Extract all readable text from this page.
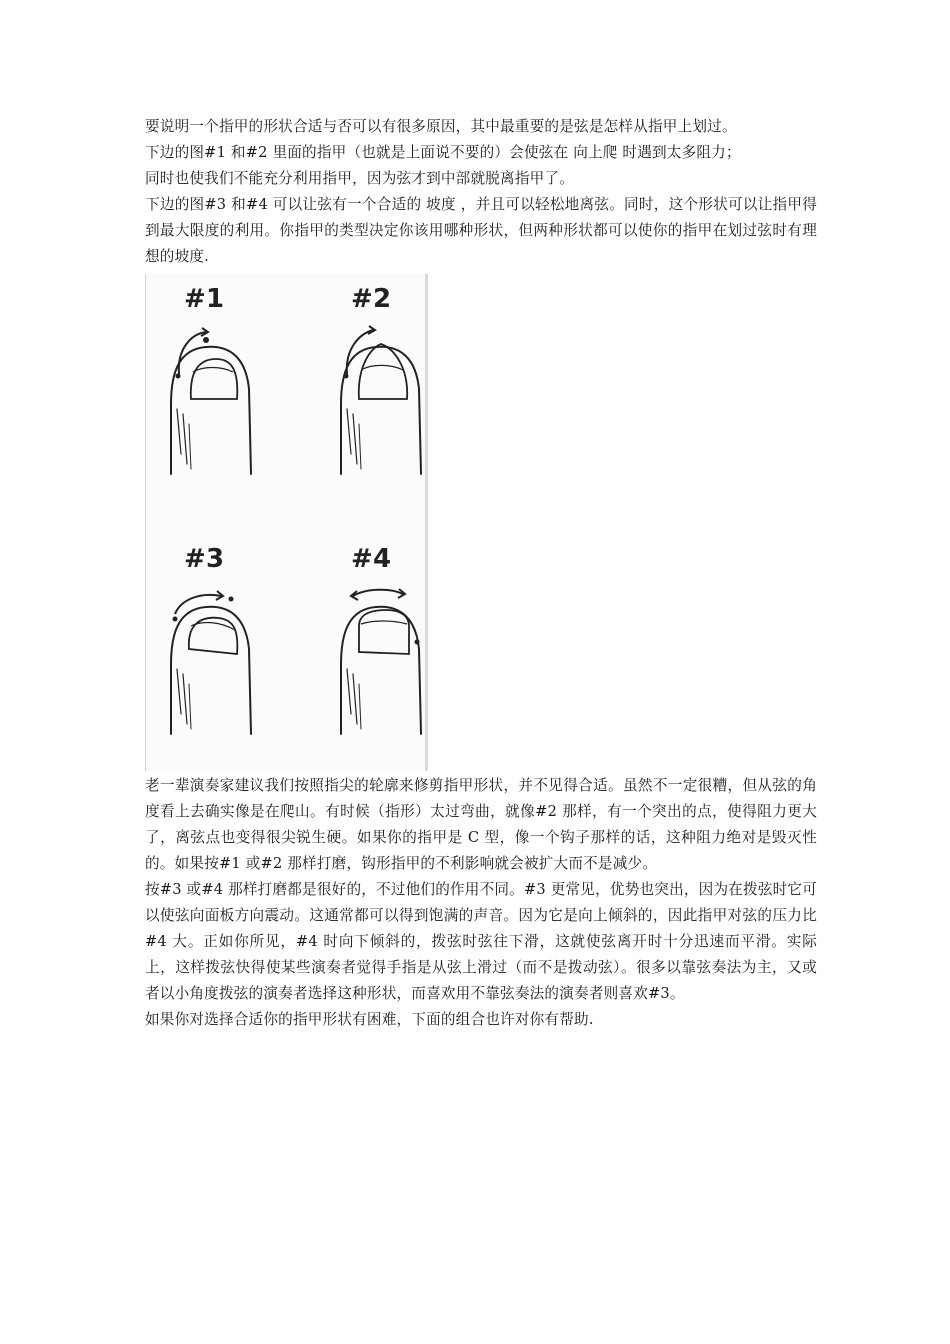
要说明一个指甲的形状合适与否可以有很多原因，其中最重要的是弦是怎样从指甲上划过。

下边的图#1 和#2 里面的指甲（也就是上面说不要的）会使弦在 向上爬 时遇到太多阻力；

同时也使我们不能充分利用指甲，因为弦才到中部就脱离指甲了。

下边的图#3 和#4 可以让弦有一个合适的 坡度 ，并且可以轻松地离弦。同时，这个形状可以让指甲得到最大限度的利用。你指甲的类型决定你该用哪种形状，但两种形状都可以使你的指甲在划过弦时有理想的坡度.

#1	#2
#3	#4

老一辈演奏家建议我们按照指尖的轮廓来修剪指甲形状，并不见得合适。虽然不一定很糟，但从弦的角度看上去确实像是在爬山。有时候（指形）太过弯曲，就像#2 那样，有一个突出的点，使得阻力更大了，离弦点也变得很尖锐生硬。如果你的指甲是 C 型，像一个钩子那样的话，这种阻力绝对是毁灭性的。如果按#1 或#2 那样打磨，钩形指甲的不利影响就会被扩大而不是减少。

按#3 或#4 那样打磨都是很好的，不过他们的作用不同。#3 更常见，优势也突出，因为在拨弦时它可以使弦向面板方向震动。这通常都可以得到饱满的声音。因为它是向上倾斜的，因此指甲对弦的压力比#4 大。正如你所见，#4 时向下倾斜的，拨弦时弦往下滑，这就使弦离开时十分迅速而平滑。实际上，这样拨弦快得使某些演奏者觉得手指是从弦上滑过（而不是拨动弦）。很多以靠弦奏法为主，又或者以小角度拨弦的演奏者选择这种形状，而喜欢用不靠弦奏法的演奏者则喜欢#3。

如果你对选择合适你的指甲形状有困难，下面的组合也许对你有帮助.
